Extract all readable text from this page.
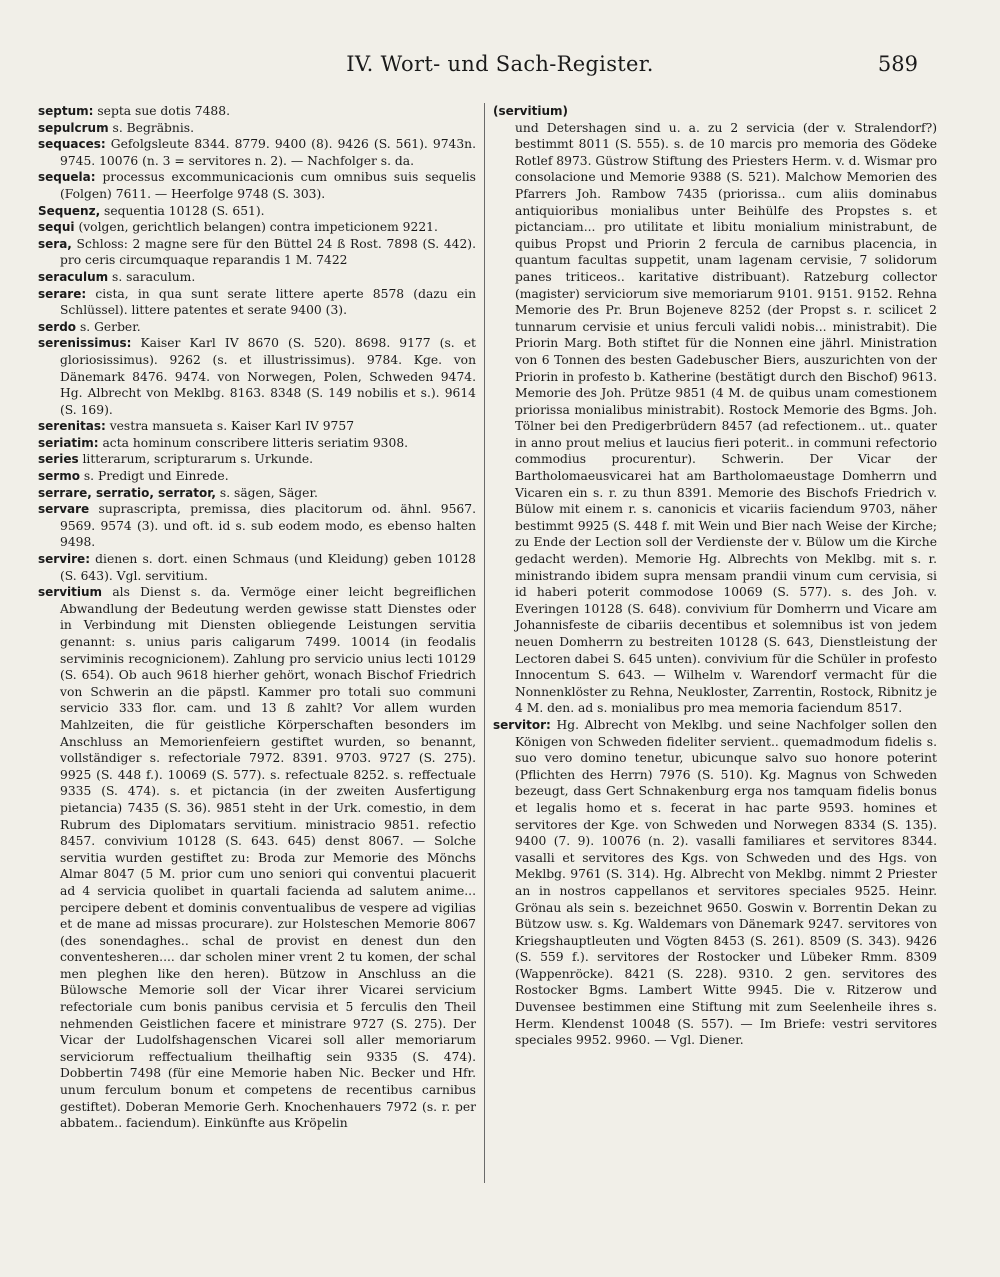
IV. Wort- und Sach-Register.	589

septum: septa sue dotis 7488.

sepulcrum s. Begräbnis.

sequaces: Gefolgsleute 8344. 8779. 9400 (8). 9426 (S. 561). 9743n. 9745. 10076 (n. 3 = servitores n. 2). — Nachfolger s. da.

sequela: processus excommunicacionis cum omnibus suis sequelis (Folgen) 7611. — Heerfolge 9748 (S. 303).

Sequenz, sequentia 10128 (S. 651).

sequi (volgen, gerichtlich belangen) contra impeticionem 9221.

sera, Schloss: 2 magne sere für den Büttel 24 ß Rost. 7898 (S. 442). pro ceris circumquaque reparandis 1 M. 7422

seraculum s. saraculum.

serare: cista, in qua sunt serate littere aperte 8578 (dazu ein Schlüssel). littere patentes et serate 9400 (3).

serdo s. Gerber.

serenissimus: Kaiser Karl IV 8670 (S. 520). 8698. 9177 (s. et gloriosissimus). 9262 (s. et illustrissimus). 9784. Kge. von Dänemark 8476. 9474. von Norwegen, Polen, Schweden 9474. Hg. Albrecht von Meklbg. 8163. 8348 (S. 149 nobilis et s.). 9614 (S. 169).

serenitas: vestra mansueta s. Kaiser Karl IV 9757

seriatim: acta hominum conscribere litteris seriatim 9308.

series litterarum, scripturarum s. Urkunde.

sermo s. Predigt und Einrede.

serrare, serratio, serrator, s. sägen, Säger.

servare suprascripta, premissa, dies placitorum od. ähnl. 9567. 9569. 9574 (3). und oft. id s. sub eodem modo, es ebenso halten 9498.

servire: dienen s. dort. einen Schmaus (und Kleidung) geben 10128 (S. 643). Vgl. servitium.

servitium als Dienst s. da. Vermöge einer leicht begreiflichen Abwandlung der Bedeutung werden gewisse statt Dienstes oder in Verbindung mit Diensten obliegende Leistungen servitia genannt: s. unius paris caligarum 7499. 10014 (in feodalis serviminis recognicionem). Zahlung pro servicio unius lecti 10129 (S. 654). Ob auch 9618 hierher gehört, wonach Bischof Friedrich von Schwerin an die päpstl. Kammer pro totali suo communi servicio 333 flor. cam. und 13 ß zahlt? Vor allem wurden Mahlzeiten, die für geistliche Körperschaften besonders im Anschluss an Memorienfeiern gestiftet wurden, so benannt, vollständiger s. refectoriale 7972. 8391. 9703. 9727 (S. 275). 9925 (S. 448 f.). 10069 (S. 577). s. refectuale 8252. s. reffectuale 9335 (S. 474). s. et pictancia (in der zweiten Ausfertigung pietancia) 7435 (S. 36). 9851 steht in der Urk. comestio, in dem Rubrum des Diplomatars servitium. ministracio 9851. refectio 8457. convivium 10128 (S. 643. 645) denst 8067. — Solche servitia wurden gestiftet zu: Broda zur Memorie des Mönchs Almar 8047 (5 M. prior cum uno seniori qui conventui placuerit ad 4 servicia quolibet in quartali facienda ad salutem anime... percipere debent et dominis conventualibus de vespere ad vigilias et de mane ad missas procurare). zur Holsteschen Memorie 8067 (des sonendaghes.. schal de provist en denest dun den conventesheren.... dar scholen miner vrent 2 tu komen, der schal men pleghen like den heren). Bützow in Anschluss an die Bülowsche Memorie soll der Vicar ihrer Vicarei servicium refectoriale cum bonis panibus cervisia et 5 ferculis den Theil nehmenden Geistlichen facere et ministrare 9727 (S. 275). Der Vicar der Ludolfshagenschen Vicarei soll aller memoriarum serviciorum reffectualium theilhaftig sein 9335 (S. 474). Dobbertin 7498 (für eine Memorie haben Nic. Becker und Hfr. unum ferculum bonum et competens de recentibus carnibus gestiftet). Doberan Memorie Gerh. Knochenhauers 7972 (s. r. per abbatem.. faciendum). Einkünfte aus Kröpelin

(servitium)

und Detershagen sind u. a. zu 2 servicia (der v. Stralendorf?) bestimmt 8011 (S. 555). s. de 10 marcis pro memoria des Gödeke Rotlef 8973. Güstrow Stiftung des Priesters Herm. v. d. Wismar pro consolacione und Memorie 9388 (S. 521). Malchow Memorien des Pfarrers Joh. Rambow 7435 (priorissa.. cum aliis dominabus antiquioribus monialibus unter Beihülfe des Propstes s. et pictanciam... pro utilitate et libitu monialium ministrabunt, de quibus Propst und Priorin 2 fercula de carnibus placencia, in quantum facultas suppetit, unam lagenam cervisie, 7 solidorum panes triticeos.. karitative distribuant). Ratzeburg collector (magister) serviciorum sive memoriarum 9101. 9151. 9152. Rehna Memorie des Pr. Brun Bojeneve 8252 (der Propst s. r. scilicet 2 tunnarum cervisie et unius ferculi validi nobis... ministrabit). Die Priorin Marg. Both stiftet für die Nonnen eine jährl. Ministration von 6 Tonnen des besten Gadebuscher Biers, auszurichten von der Priorin in profesto b. Katherine (bestätigt durch den Bischof) 9613. Memorie des Joh. Prütze 9851 (4 M. de quibus unam comestionem priorissa monialibus ministrabit). Rostock Memorie des Bgms. Joh. Tölner bei den Predigerbrüdern 8457 (ad refectionem.. ut.. quater in anno prout melius et laucius fieri poterit.. in communi refectorio commodius procurentur). Schwerin. Der Vicar der Bartholomaeusvicarei hat am Bartholomaeustage Domherrn und Vicaren ein s. r. zu thun 8391. Memorie des Bischofs Friedrich v. Bülow mit einem r. s. canonicis et vicariis faciendum 9703, näher bestimmt 9925 (S. 448 f. mit Wein und Bier nach Weise der Kirche; zu Ende der Lection soll der Verdienste der v. Bülow um die Kirche gedacht werden). Memorie Hg. Albrechts von Meklbg. mit s. r. ministrando ibidem supra mensam prandii vinum cum cervisia, si id haberi poterit commodose 10069 (S. 577). s. des Joh. v. Everingen 10128 (S. 648). convivium für Domherrn und Vicare am Johannisfeste de cibariis decentibus et solemnibus ist von jedem neuen Domherrn zu bestreiten 10128 (S. 643, Dienstleistung der Lectoren dabei S. 645 unten). convivium für die Schüler in profesto Innocentum S. 643. — Wilhelm v. Warendorf vermacht für die Nonnenklöster zu Rehna, Neukloster, Zarrentin, Rostock, Ribnitz je 4 M. den. ad s. monialibus pro mea memoria faciendum 8517.

servitor: Hg. Albrecht von Meklbg. und seine Nachfolger sollen den Königen von Schweden fideliter servient.. quemadmodum fidelis s. suo vero domino tenetur, ubicunque salvo suo honore poterint (Pflichten des Herrn) 7976 (S. 510). Kg. Magnus von Schweden bezeugt, dass Gert Schnakenburg erga nos tamquam fidelis bonus et legalis homo et s. fecerat in hac parte 9593. homines et servitores der Kge. von Schweden und Norwegen 8334 (S. 135). 9400 (7. 9). 10076 (n. 2). vasalli familiares et servitores 8344. vasalli et servitores des Kgs. von Schweden und des Hgs. von Meklbg. 9761 (S. 314). Hg. Albrecht von Meklbg. nimmt 2 Priester an in nostros cappellanos et servitores speciales 9525. Heinr. Grönau als sein s. bezeichnet 9650. Goswin v. Borrentin Dekan zu Bützow usw. s. Kg. Waldemars von Dänemark 9247. servitores von Kriegshauptleuten und Vögten 8453 (S. 261). 8509 (S. 343). 9426 (S. 559 f.). servitores der Rostocker und Lübeker Rmm. 8309 (Wappenröcke). 8421 (S. 228). 9310. 2 gen. servitores des Rostocker Bgms. Lambert Witte 9945. Die v. Ritzerow und Duvensee bestimmen eine Stiftung mit zum Seelenheile ihres s. Herm. Klendenst 10048 (S. 557). — Im Briefe: vestri servitores speciales 9952. 9960. — Vgl. Diener.
